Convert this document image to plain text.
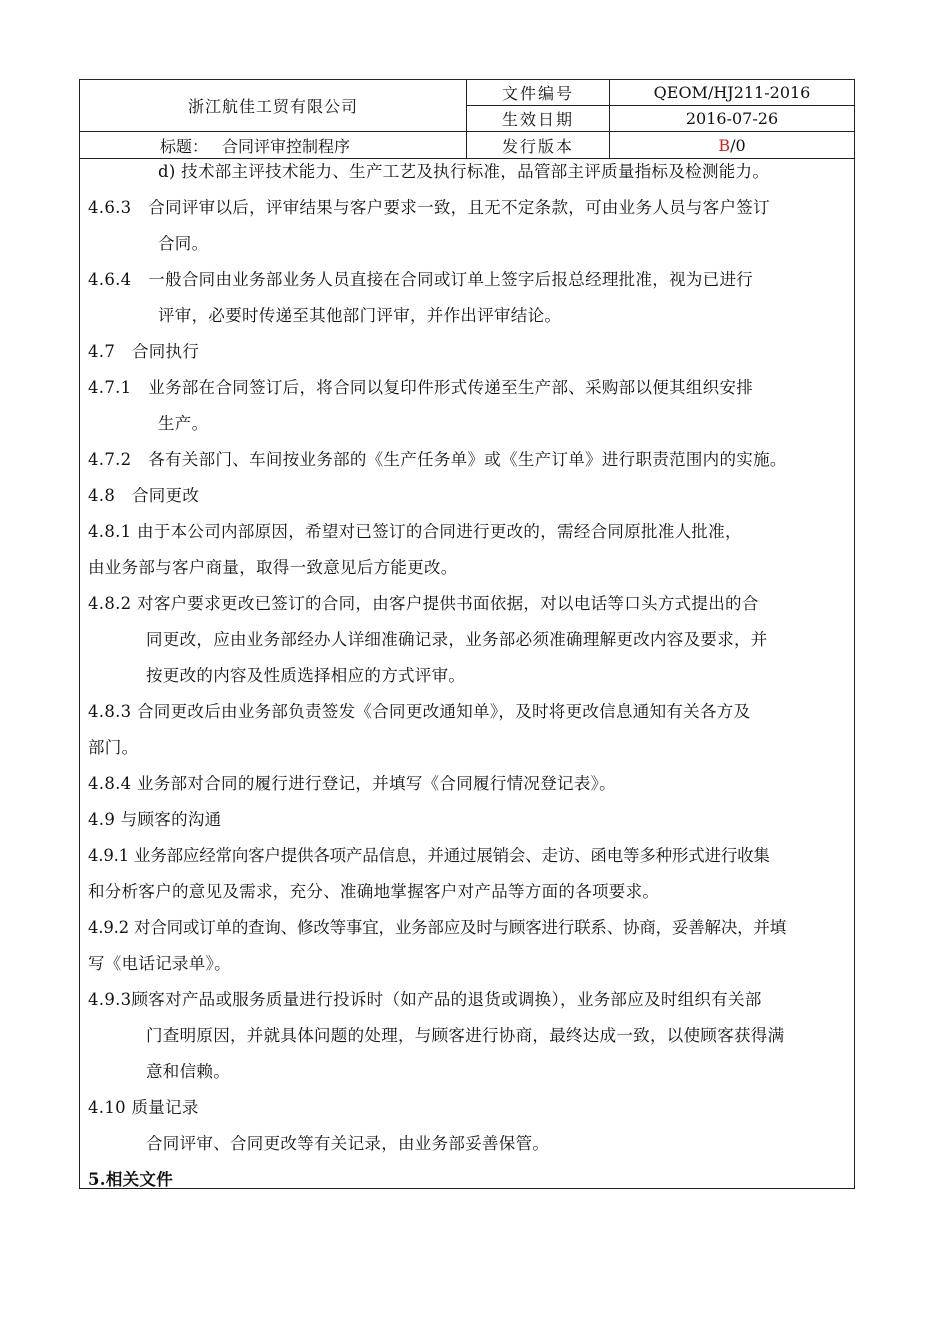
浙江航佳工贸有限公司
标题： 合同评审控制程序
文件编号	QEOM/HJ211-2016
生效日期	2016-07-26
发行版本	B /0
d) 技术部主评技术能力、生产工艺及执行标准，品管部主评质量指标及检测能力。
4.6.3　合同评审以后，评审结果与客户要求一致，且无不定条款，可由业务人员与客户签订
合同。
4.6.4　一般合同由业务部业务人员直接在合同或订单上签字后报总经理批准，视为已进行
评审，必要时传递至其他部门评审，并作出评审结论。
4.7　合同执行
4.7.1　业务部在合同签订后，将合同以复印件形式传递至生产部、采购部以便其组织安排
生产。
4.7.2　各有关部门、车间按业务部的《生产任务单》或《生产订单》进行职责范围内的实施。
4.8　合同更改
4.8.1 由于本公司内部原因，希望对已签订的合同进行更改的，需经合同原批准人批准，
由业务部与客户商量，取得一致意见后方能更改。
4.8.2 对客户要求更改已签订的合同，由客户提供书面依据，对以电话等口头方式提出的合
同更改，应由业务部经办人详细准确记录，业务部必须准确理解更改内容及要求，并
按更改的内容及性质选择相应的方式评审。
4.8.3 合同更改后由业务部负责签发《合同更改通知单》，及时将更改信息通知有关各方及
部门。
4.8.4 业务部对合同的履行进行登记，并填写《合同履行情况登记表》。
4.9 与顾客的沟通
4.9.1 业务部应经常向客户提供各项产品信息，并通过展销会、走访、函电等多种形式进行收集
和分析客户的意见及需求，充分、准确地掌握客户对产品等方面的各项要求。
4.9.2 对合同或订单的查询、修改等事宜，业务部应及时与顾客进行联系、协商，妥善解决，并填
写《电话记录单》。
4.9.3顾客对产品或服务质量进行投诉时（如产品的退货或调换），业务部应及时组织有关部
门查明原因，并就具体问题的处理，与顾客进行协商，最终达成一致，以使顾客获得满
意和信赖。
4.10 质量记录
合同评审、合同更改等有关记录，由业务部妥善保管。
5.相关文件
